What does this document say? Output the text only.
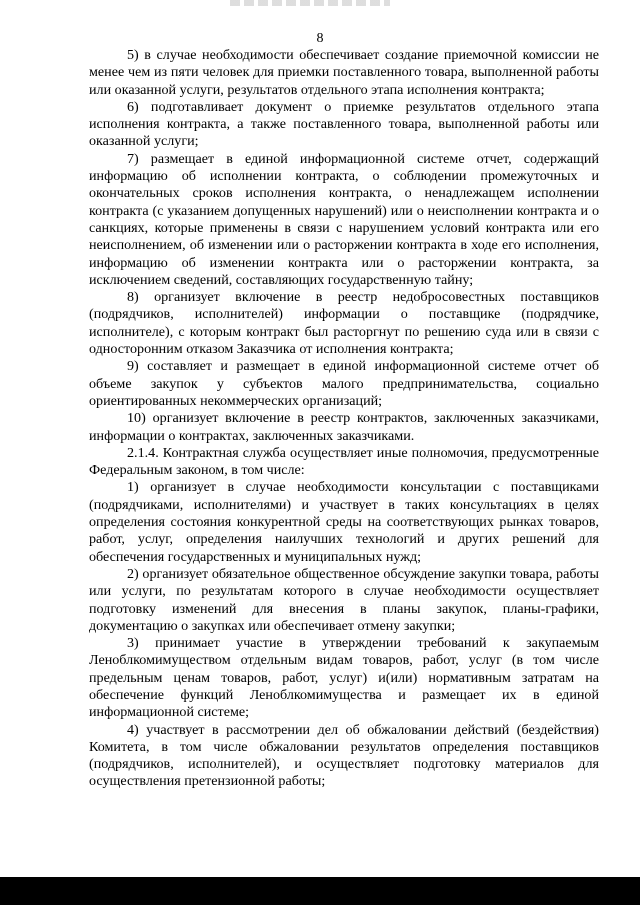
8

5) в случае необходимости обеспечивает создание приемочной комиссии не менее чем из пяти человек для приемки поставленного товара, выполненной работы или оказанной услуги, результатов отдельного этапа исполнения контракта;

6) подготавливает документ о приемке результатов отдельного этапа исполнения контракта, а также поставленного товара, выполненной работы или оказанной услуги;

7) размещает в единой информационной системе отчет, содержащий информацию об исполнении контракта, о соблюдении промежуточных и окончательных сроков исполнения контракта, о ненадлежащем исполнении контракта (с указанием допущенных нарушений) или о неисполнении контракта и о санкциях, которые применены в связи с нарушением условий контракта или его неисполнением, об изменении или о расторжении контракта в ходе его исполнения, информацию об изменении контракта или о расторжении контракта, за исключением сведений, составляющих государственную тайну;

8) организует включение в реестр недобросовестных поставщиков (подрядчиков, исполнителей) информации о поставщике (подрядчике, исполнителе), с которым контракт был расторгнут по решению суда или в связи с односторонним отказом Заказчика от исполнения контракта;

9) составляет и размещает в единой информационной системе отчет об объеме закупок у субъектов малого предпринимательства, социально ориентированных некоммерческих организаций;

10) организует включение в реестр контрактов, заключенных заказчиками, информации о контрактах, заключенных заказчиками.

2.1.4. Контрактная служба осуществляет иные полномочия, предусмотренные Федеральным законом, в том числе:

1) организует в случае необходимости консультации с поставщиками (подрядчиками, исполнителями) и участвует в таких консультациях в целях определения состояния конкурентной среды на соответствующих рынках товаров, работ, услуг, определения наилучших технологий и других решений для обеспечения государственных и муниципальных нужд;

2) организует обязательное общественное обсуждение закупки товара, работы или услуги, по результатам которого в случае необходимости осуществляет подготовку изменений для внесения в планы закупок, планы-графики, документацию о закупках или обеспечивает отмену закупки;

3) принимает участие в утверждении требований к закупаемым Леноблкомимуществом отдельным видам товаров, работ, услуг (в том числе предельным ценам товаров, работ, услуг) и(или) нормативным затратам на обеспечение функций Леноблкомимущества и размещает их в единой информационной системе;

4) участвует в рассмотрении дел об обжаловании действий (бездействия) Комитета, в том числе обжаловании результатов определения поставщиков (подрядчиков, исполнителей), и осуществляет подготовку материалов для осуществления претензионной работы;
